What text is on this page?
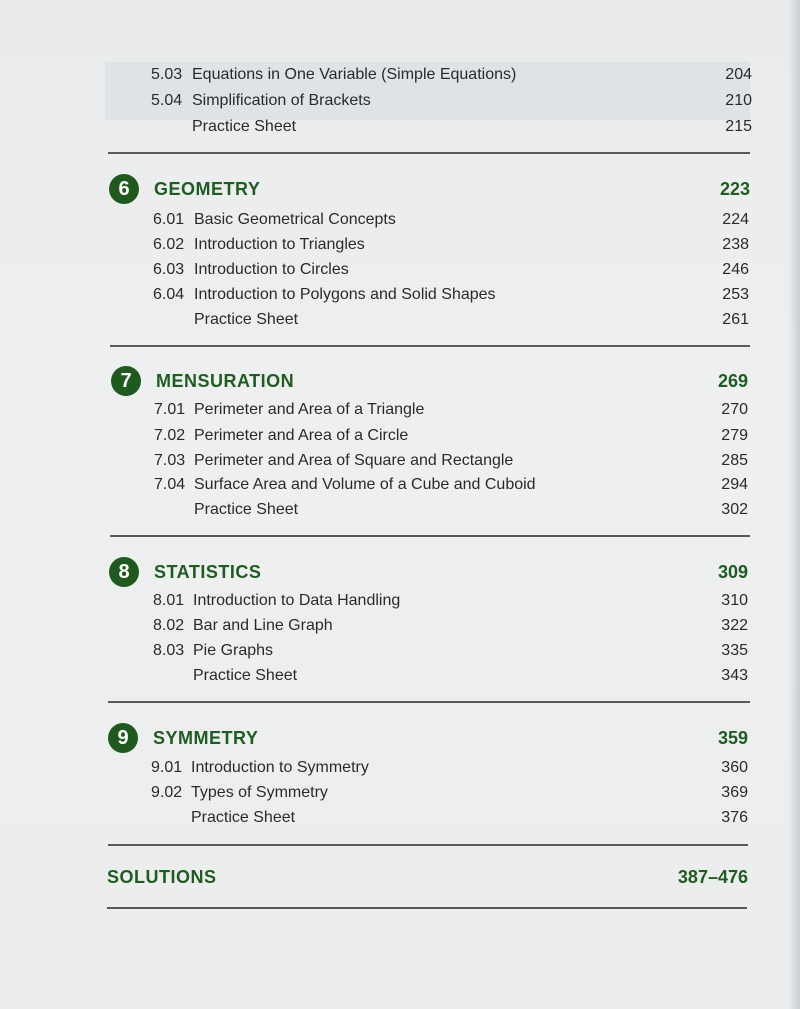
5.03 Equations in One Variable (Simple Equations)	204
5.04 Simplification of Brackets	210
Practice Sheet	215
6	GEOMETRY	223
6.01 Basic Geometrical Concepts	224
6.02 Introduction to Triangles	238
6.03 Introduction to Circles	246
6.04 Introduction to Polygons and Solid Shapes	253
Practice Sheet	261
7	MENSURATION	269
7.01 Perimeter and Area of a Triangle	270
7.02 Perimeter and Area of a Circle	279
7.03 Perimeter and Area of Square and Rectangle	285
7.04 Surface Area and Volume of a Cube and Cuboid	294
Practice Sheet	302
8	STATISTICS	309
8.01 Introduction to Data Handling	310
8.02 Bar and Line Graph	322
8.03 Pie Graphs	335
Practice Sheet	343
9	SYMMETRY	359
9.01 Introduction to Symmetry	360
9.02 Types of Symmetry	369
Practice Sheet	376
SOLUTIONS	387–476
